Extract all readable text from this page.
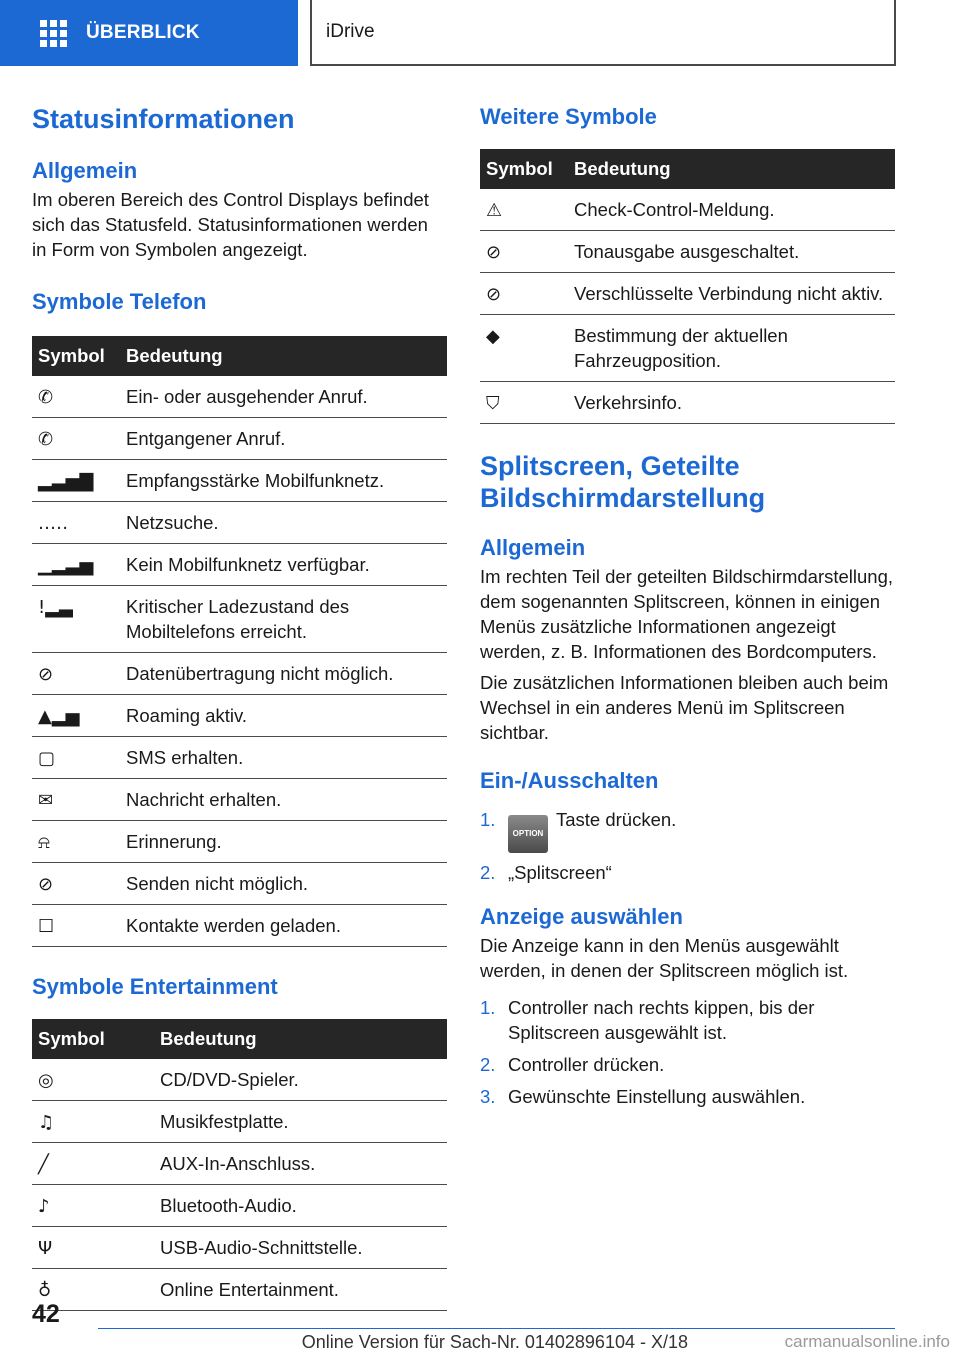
ÜBERBLICK	iDrive
Statusinformationen
Allgemein

Im oberen Bereich des Control Displays befindet sich das Statusfeld. Statusinformationen werden in Form von Symbolen angezeigt.

Symbole Telefon
Symbol	Bedeutung
✆	Ein- oder ausgehender Anruf.
✆	Entgangener Anruf.
▂▃▅▇	Empfangsstärke Mobilfunknetz.
․․․․․	Netzsuche.
▁▂▃▅	Kein Mobilfunknetz verfügbar.
!▂▃	Kritischer Ladezustand des Mobiltelefons erreicht.
⊘	Datenübertragung nicht möglich.
▲▂▅	Roaming aktiv.
▢	SMS erhalten.
✉	Nachricht erhalten.
⍾	Erinnerung.
⊘	Senden nicht möglich.
☐	Kontakte werden geladen.
Symbole Entertainment
Symbol	Bedeutung
◎	CD/DVD-Spieler.
♫	Musikfestplatte.
╱	AUX-In-Anschluss.
♪	Bluetooth-Audio.
Ψ	USB-Audio-Schnittstelle.
♁	Online Entertainment.
Weitere Symbole
Symbol	Bedeutung
⚠	Check-Control-Meldung.
⊘	Tonausgabe ausgeschaltet.
⊘	Verschlüsselte Verbindung nicht aktiv.
◆	Bestimmung der aktuellen Fahrzeugposition.
⛉	Verkehrsinfo.
Splitscreen, Geteilte Bildschirmdarstellung
Allgemein

Im rechten Teil der geteilten Bildschirmdarstellung, dem sogenannten Splitscreen, können in einigen Menüs zusätzliche Informationen angezeigt werden, z. B. Informationen des Bordcomputers.

Die zusätzlichen Informationen bleiben auch beim Wechsel in ein anderes Menü im Splitscreen sichtbar.

Ein-/Ausschalten
1.
OPTIONTaste drücken.
2. „Splitscreen“
Anzeige auswählen

Die Anzeige kann in den Menüs ausgewählt werden, in denen der Splitscreen möglich ist.

1. Controller nach rechts kippen, bis der Splitscreen ausgewählt ist.
2. Controller drücken.
3. Gewünschte Einstellung auswählen.
42
Online Version für Sach-Nr. 01402896104 - X/18	carmanualsonline.info
